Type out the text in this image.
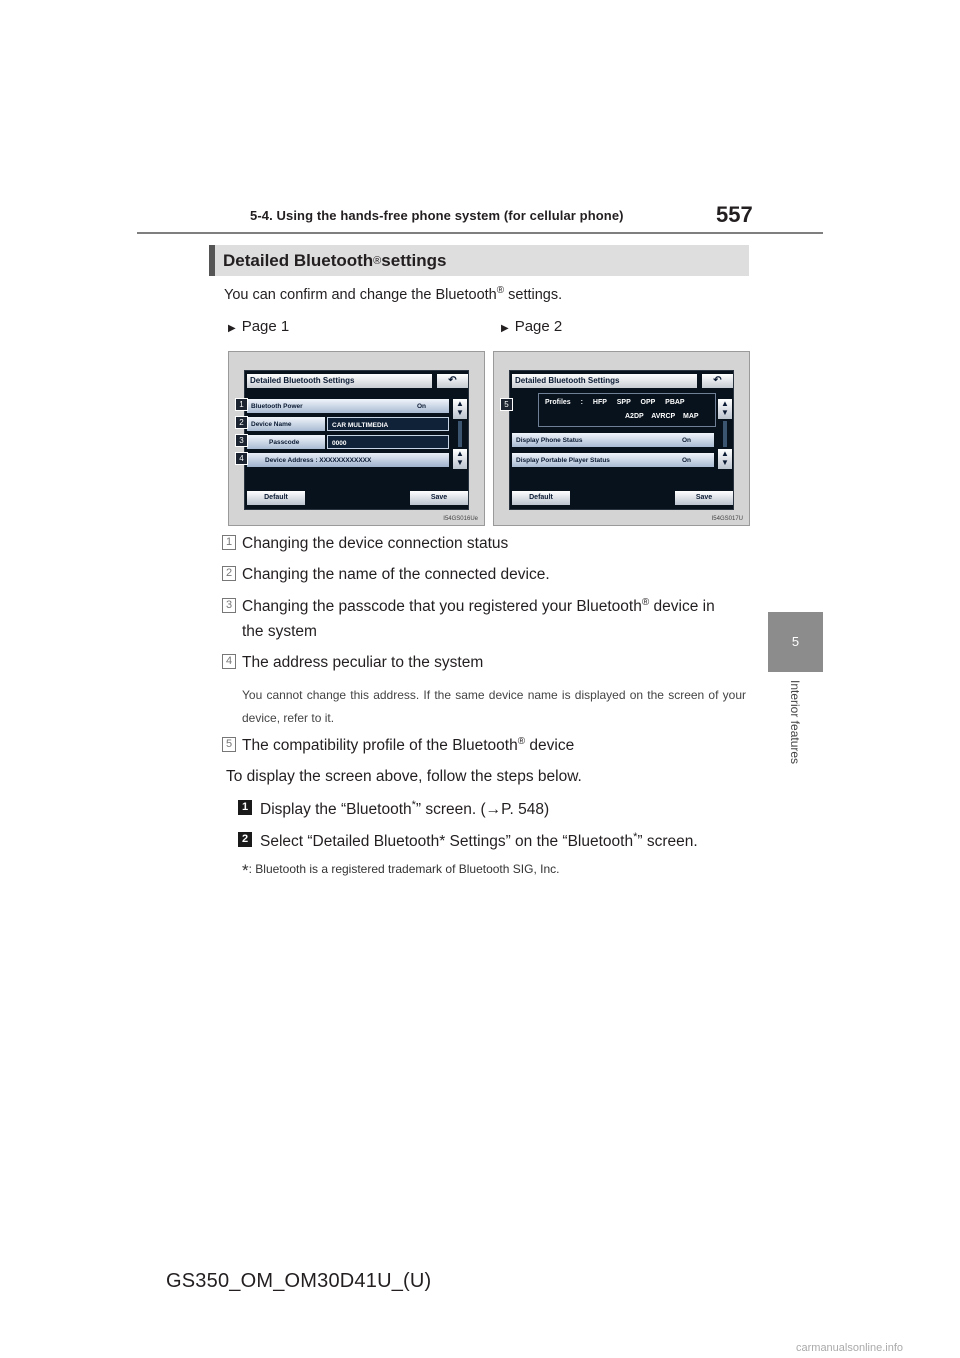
5-4. Using the hands-free phone system (for cellular phone)	557
5
Interior features
Detailed Bluetooth ® settings
You can confirm and change the Bluetooth® settings.
▶ Page 1	▶ Page 2
Detailed Bluetooth Settings	↶
Bluetooth Power	On
Device Name	CAR MULTIMEDIA
Passcode	0000
Device Address : XXXXXXXXXXXX
▲
▼
▲
▼
Default	Save
1
2
3
4
I54GS016Ue
Detailed Bluetooth Settings	↶
Profiles : HFP SPP OPP PBAP
A2DP AVRCP MAP
Display Phone Status	On
Display Portable Player Status	On
▲
▼
▲
▼
Default	Save
5
I54GS017U
1 Changing the device connection status
2 Changing the name of the connected device.
3 Changing the passcode that you registered your Bluetooth® device in
the system
4 The address peculiar to the system
You cannot change this address. If the same device name is displayed on the screen of your device, refer to it.
5 The compatibility profile of the Bluetooth® device
To display the screen above, follow the steps below.
1 Display the “Bluetooth*” screen. (→P. 548)
2 Select “Detailed Bluetooth* Settings” on the “Bluetooth*” screen.
*: Bluetooth is a registered trademark of Bluetooth SIG, Inc.
GS350_OM_OM30D41U_(U)
carmanualsonline.info
